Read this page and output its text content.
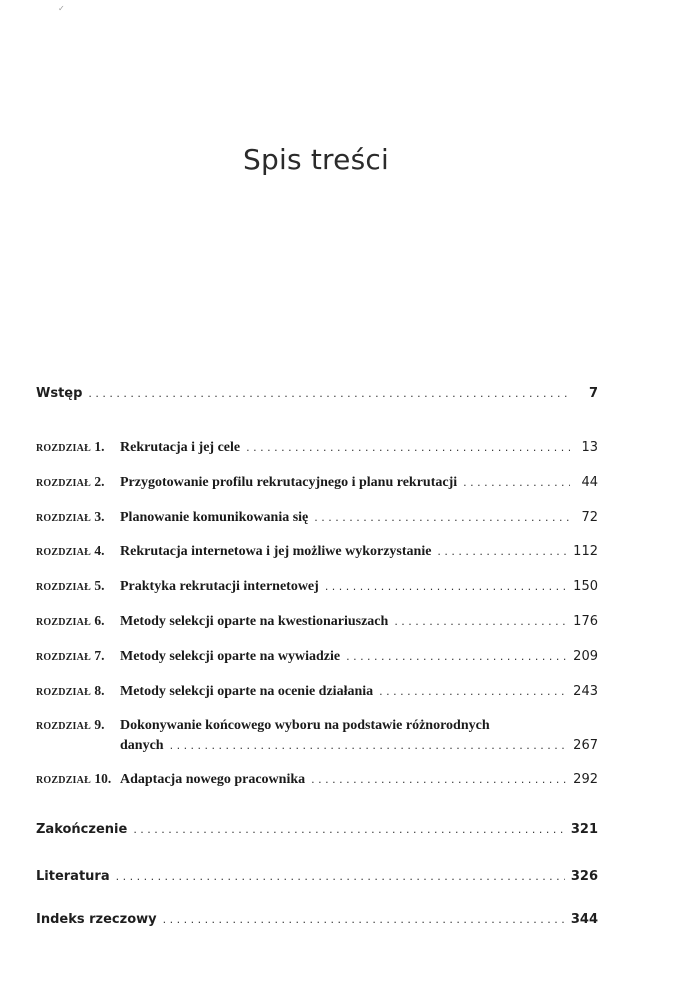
✓
Spis treści
Wstęp . . .	7
ROZDZIAŁ 1.	Rekrutacja i jej cele . . .	13
ROZDZIAŁ 2.	Przygotowanie profilu rekrutacyjnego i planu rekrutacji . . .	44
ROZDZIAŁ 3.	Planowanie komunikowania się . . .	72
ROZDZIAŁ 4.	Rekrutacja internetowa i jej możliwe wykorzystanie . . .	112
ROZDZIAŁ 5.	Praktyka rekrutacji internetowej . . .	150
ROZDZIAŁ 6.	Metody selekcji oparte na kwestionariuszach . . .	176
ROZDZIAŁ 7.	Metody selekcji oparte na wywiadzie . . .	209
ROZDZIAŁ 8.	Metody selekcji oparte na ocenie działania . . .	243
ROZDZIAŁ 9.	Dokonywanie końcowego wyboru na podstawie różnorodnych
danych . . .	267
ROZDZIAŁ 10. Adaptacja nowego pracownika . . .	292
Zakończenie . . .	321
Literatura . . .	326
Indeks rzeczowy . . .	344
